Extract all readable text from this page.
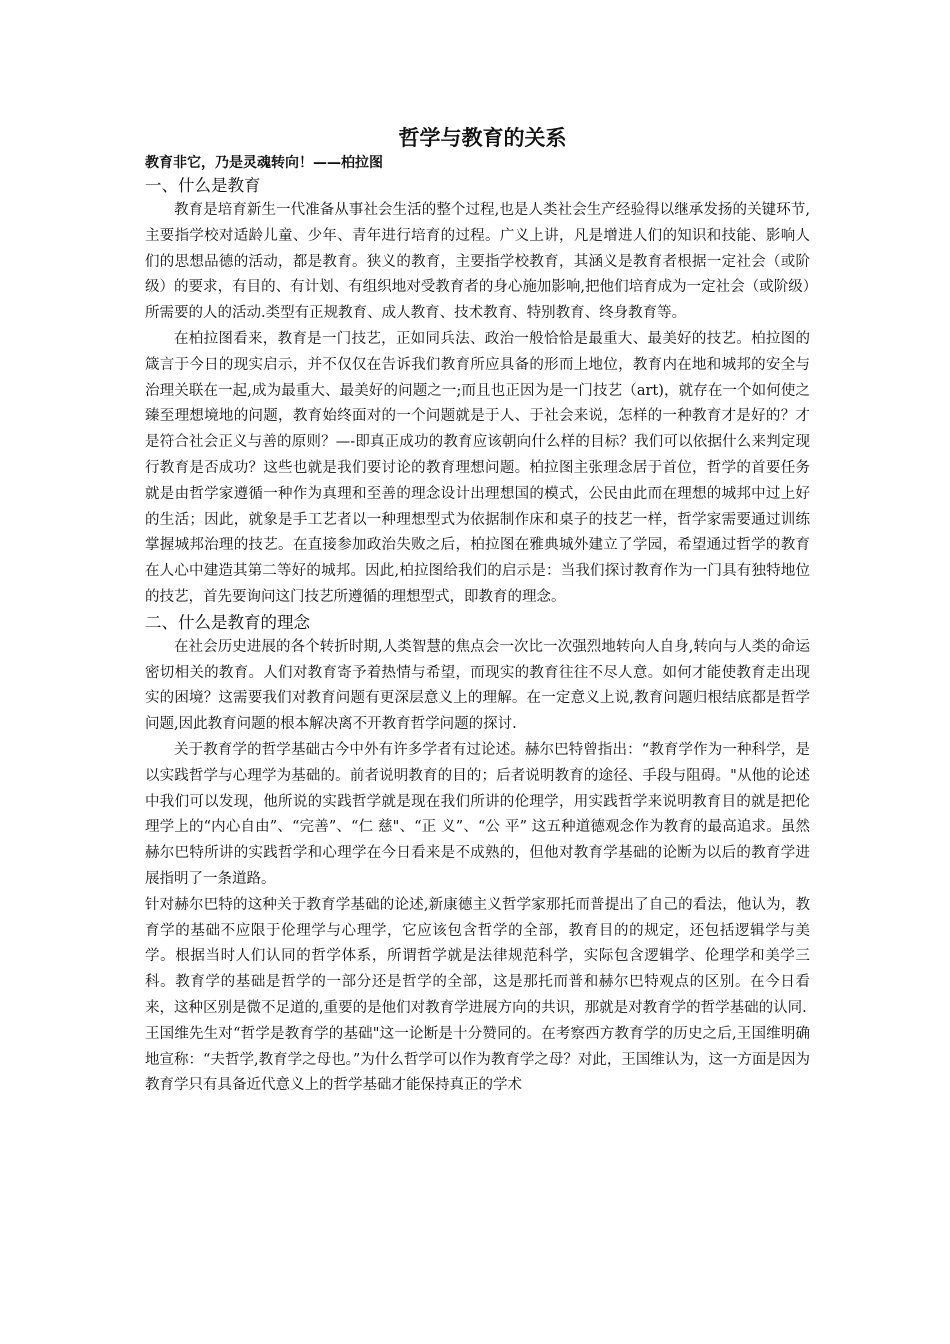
哲学与教育的关系

教育非它，乃是灵魂转向！——柏拉图

一、什么是教育

教育是培育新生一代准备从事社会生活的整个过程,也是人类社会生产经验得以继承发扬的关键环节,主要指学校对适龄儿童、少年、青年进行培育的过程。广义上讲，凡是增进人们的知识和技能、影响人们的思想品德的活动，都是教育。狭义的教育，主要指学校教育，其涵义是教育者根据一定社会（或阶级）的要求，有目的、有计划、有组织地对受教育者的身心施加影响,把他们培育成为一定社会（或阶级）所需要的人的活动.类型有正规教育、成人教育、技术教育、特别教育、终身教育等。

在柏拉图看来，教育是一门技艺，正如同兵法、政治一般恰恰是最重大、最美好的技艺。柏拉图的箴言于今日的现实启示，并不仅仅在告诉我们教育所应具备的形而上地位，教育内在地和城邦的安全与治理关联在一起,成为最重大、最美好的问题之一;而且也正因为是一门技艺（art)，就存在一个如何使之臻至理想境地的问题，教育始终面对的一个问题就是于人、于社会来说，怎样的一种教育才是好的？才是符合社会正义与善的原则？—-即真正成功的教育应该朝向什么样的目标？我们可以依据什么来判定现行教育是否成功？这些也就是我们要讨论的教育理想问题。柏拉图主张理念居于首位，哲学的首要任务就是由哲学家遵循一种作为真理和至善的理念设计出理想国的模式，公民由此而在理想的城邦中过上好的生活；因此，就象是手工艺者以一种理想型式为依据制作床和桌子的技艺一样，哲学家需要通过训练掌握城邦治理的技艺。在直接参加政治失败之后，柏拉图在雅典城外建立了学园，希望通过哲学的教育在人心中建造其第二等好的城邦。因此,柏拉图给我们的启示是：当我们探讨教育作为一门具有独特地位的技艺，首先要询问这门技艺所遵循的理想型式，即教育的理念。

二、什么是教育的理念

在社会历史进展的各个转折时期,人类智慧的焦点会一次比一次强烈地转向人自身,转向与人类的命运密切相关的教育。人们对教育寄予着热情与希望，而现实的教育往往不尽人意。如何才能使教育走出现实的困境？这需要我们对教育问题有更深层意义上的理解。在一定意义上说,教育问题归根结底都是哲学问题,因此教育问题的根本解决离不开教育哲学问题的探讨.

关于教育学的哲学基础古今中外有许多学者有过论述。赫尔巴特曾指出：“教育学作为一种科学，是以实践哲学与心理学为基础的。前者说明教育的目的；后者说明教育的途径、手段与阻碍。"从他的论述中我们可以发现，他所说的实践哲学就是现在我们所讲的伦理学，用实践哲学来说明教育目的就是把伦理学上的“内心自由”、“完善”、“仁 慈"、“正 义”、“公 平” 这五种道德观念作为教育的最高追求。虽然赫尔巴特所讲的实践哲学和心理学在今日看来是不成熟的，但他对教育学基础的论断为以后的教育学进展指明了一条道路。

针对赫尔巴特的这种关于教育学基础的论述,新康德主义哲学家那托而普提出了自己的看法，他认为，教育学的基础不应限于伦理学与心理学，它应该包含哲学的全部，教育目的的规定，还包括逻辑学与美学。根据当时人们认同的哲学体系，所谓哲学就是法律规范科学，实际包含逻辑学、伦理学和美学三科。教育学的基础是哲学的一部分还是哲学的全部，这是那托而普和赫尔巴特观点的区别。在今日看来，这种区别是微不足道的,重要的是他们对教育学进展方向的共识，那就是对教育学的哲学基础的认同.

王国维先生对“哲学是教育学的基础"这一论断是十分赞同的。在考察西方教育学的历史之后,王国维明确地宣称：“夫哲学,教育学之母也。”为什么哲学可以作为教育学之母？对此，王国维认为，这一方面是因为教育学只有具备近代意义上的哲学基础才能保持真正的学术
